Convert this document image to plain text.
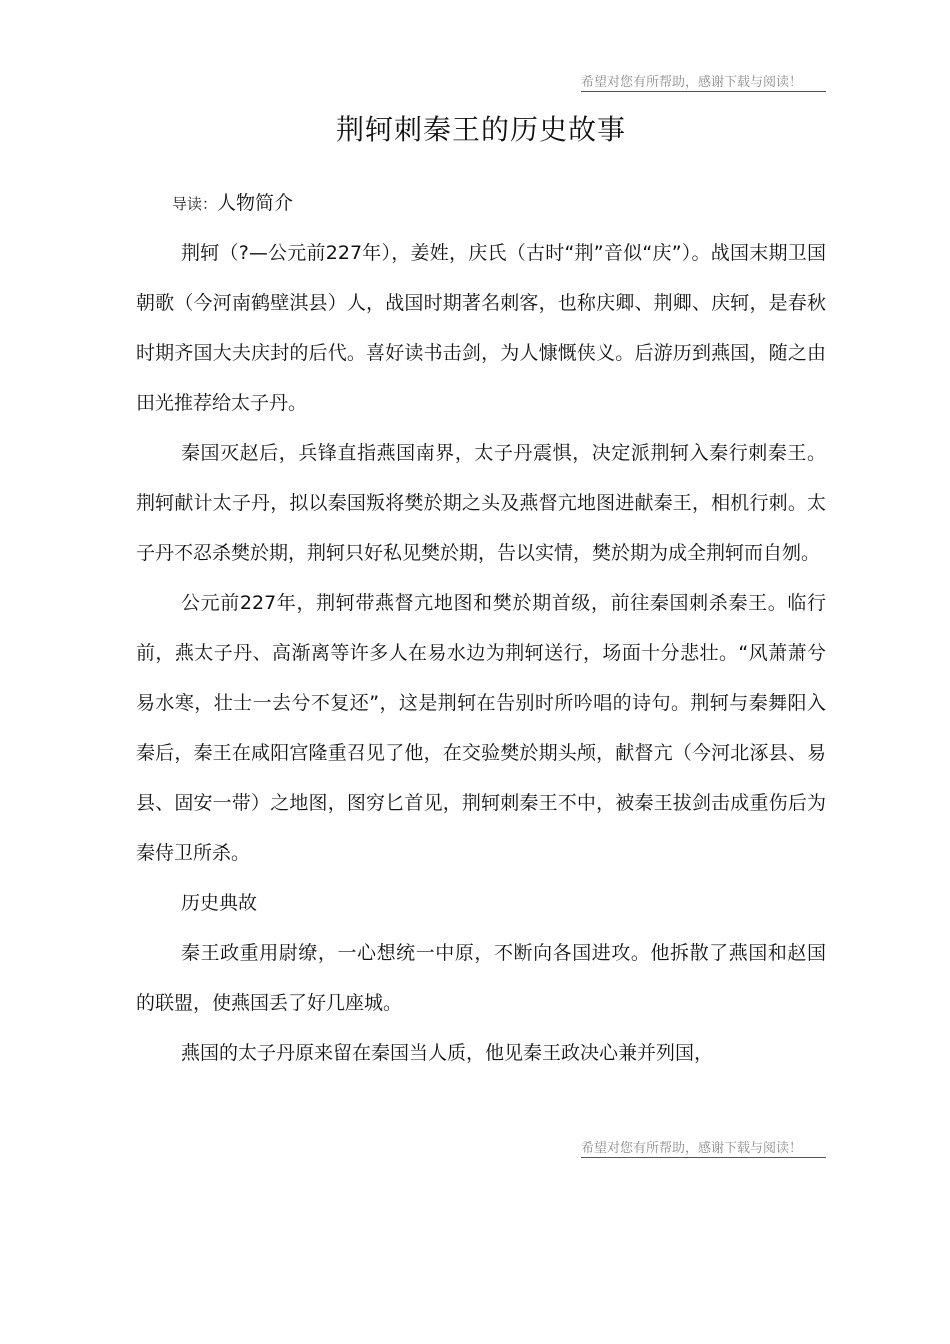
希望对您有所帮助，感谢下载与阅读！
荆轲刺秦王的历史故事
导读：人物简介

荆轲（?—公元前227年），姜姓，庆氏（古时“荆”音似“庆”）。战国末期卫国朝歌（今河南鹤壁淇县）人，战国时期著名刺客，也称庆卿、荆卿、庆轲，是春秋时期齐国大夫庆封的后代。喜好读书击剑，为人慷慨侠义。后游历到燕国，随之由田光推荐给太子丹。

秦国灭赵后，兵锋直指燕国南界，太子丹震惧，决定派荆轲入秦行刺秦王。荆轲献计太子丹，拟以秦国叛将樊於期之头及燕督亢地图进献秦王，相机行刺。太子丹不忍杀樊於期，荆轲只好私见樊於期，告以实情，樊於期为成全荆轲而自刎。

公元前227年，荆轲带燕督亢地图和樊於期首级，前往秦国刺杀秦王。临行前，燕太子丹、高渐离等许多人在易水边为荆轲送行，场面十分悲壮。“风萧萧兮易水寒，壮士一去兮不复还”，这是荆轲在告别时所吟唱的诗句。荆轲与秦舞阳入秦后，秦王在咸阳宫隆重召见了他，在交验樊於期头颅，献督亢（今河北涿县、易县、固安一带）之地图，图穷匕首见，荆轲刺秦王不中，被秦王拔剑击成重伤后为秦侍卫所杀。

历史典故

秦王政重用尉缭，一心想统一中原，不断向各国进攻。他拆散了燕国和赵国的联盟，使燕国丢了好几座城。

燕国的太子丹原来留在秦国当人质，他见秦王政决心兼并列国，

希望对您有所帮助，感谢下载与阅读！
